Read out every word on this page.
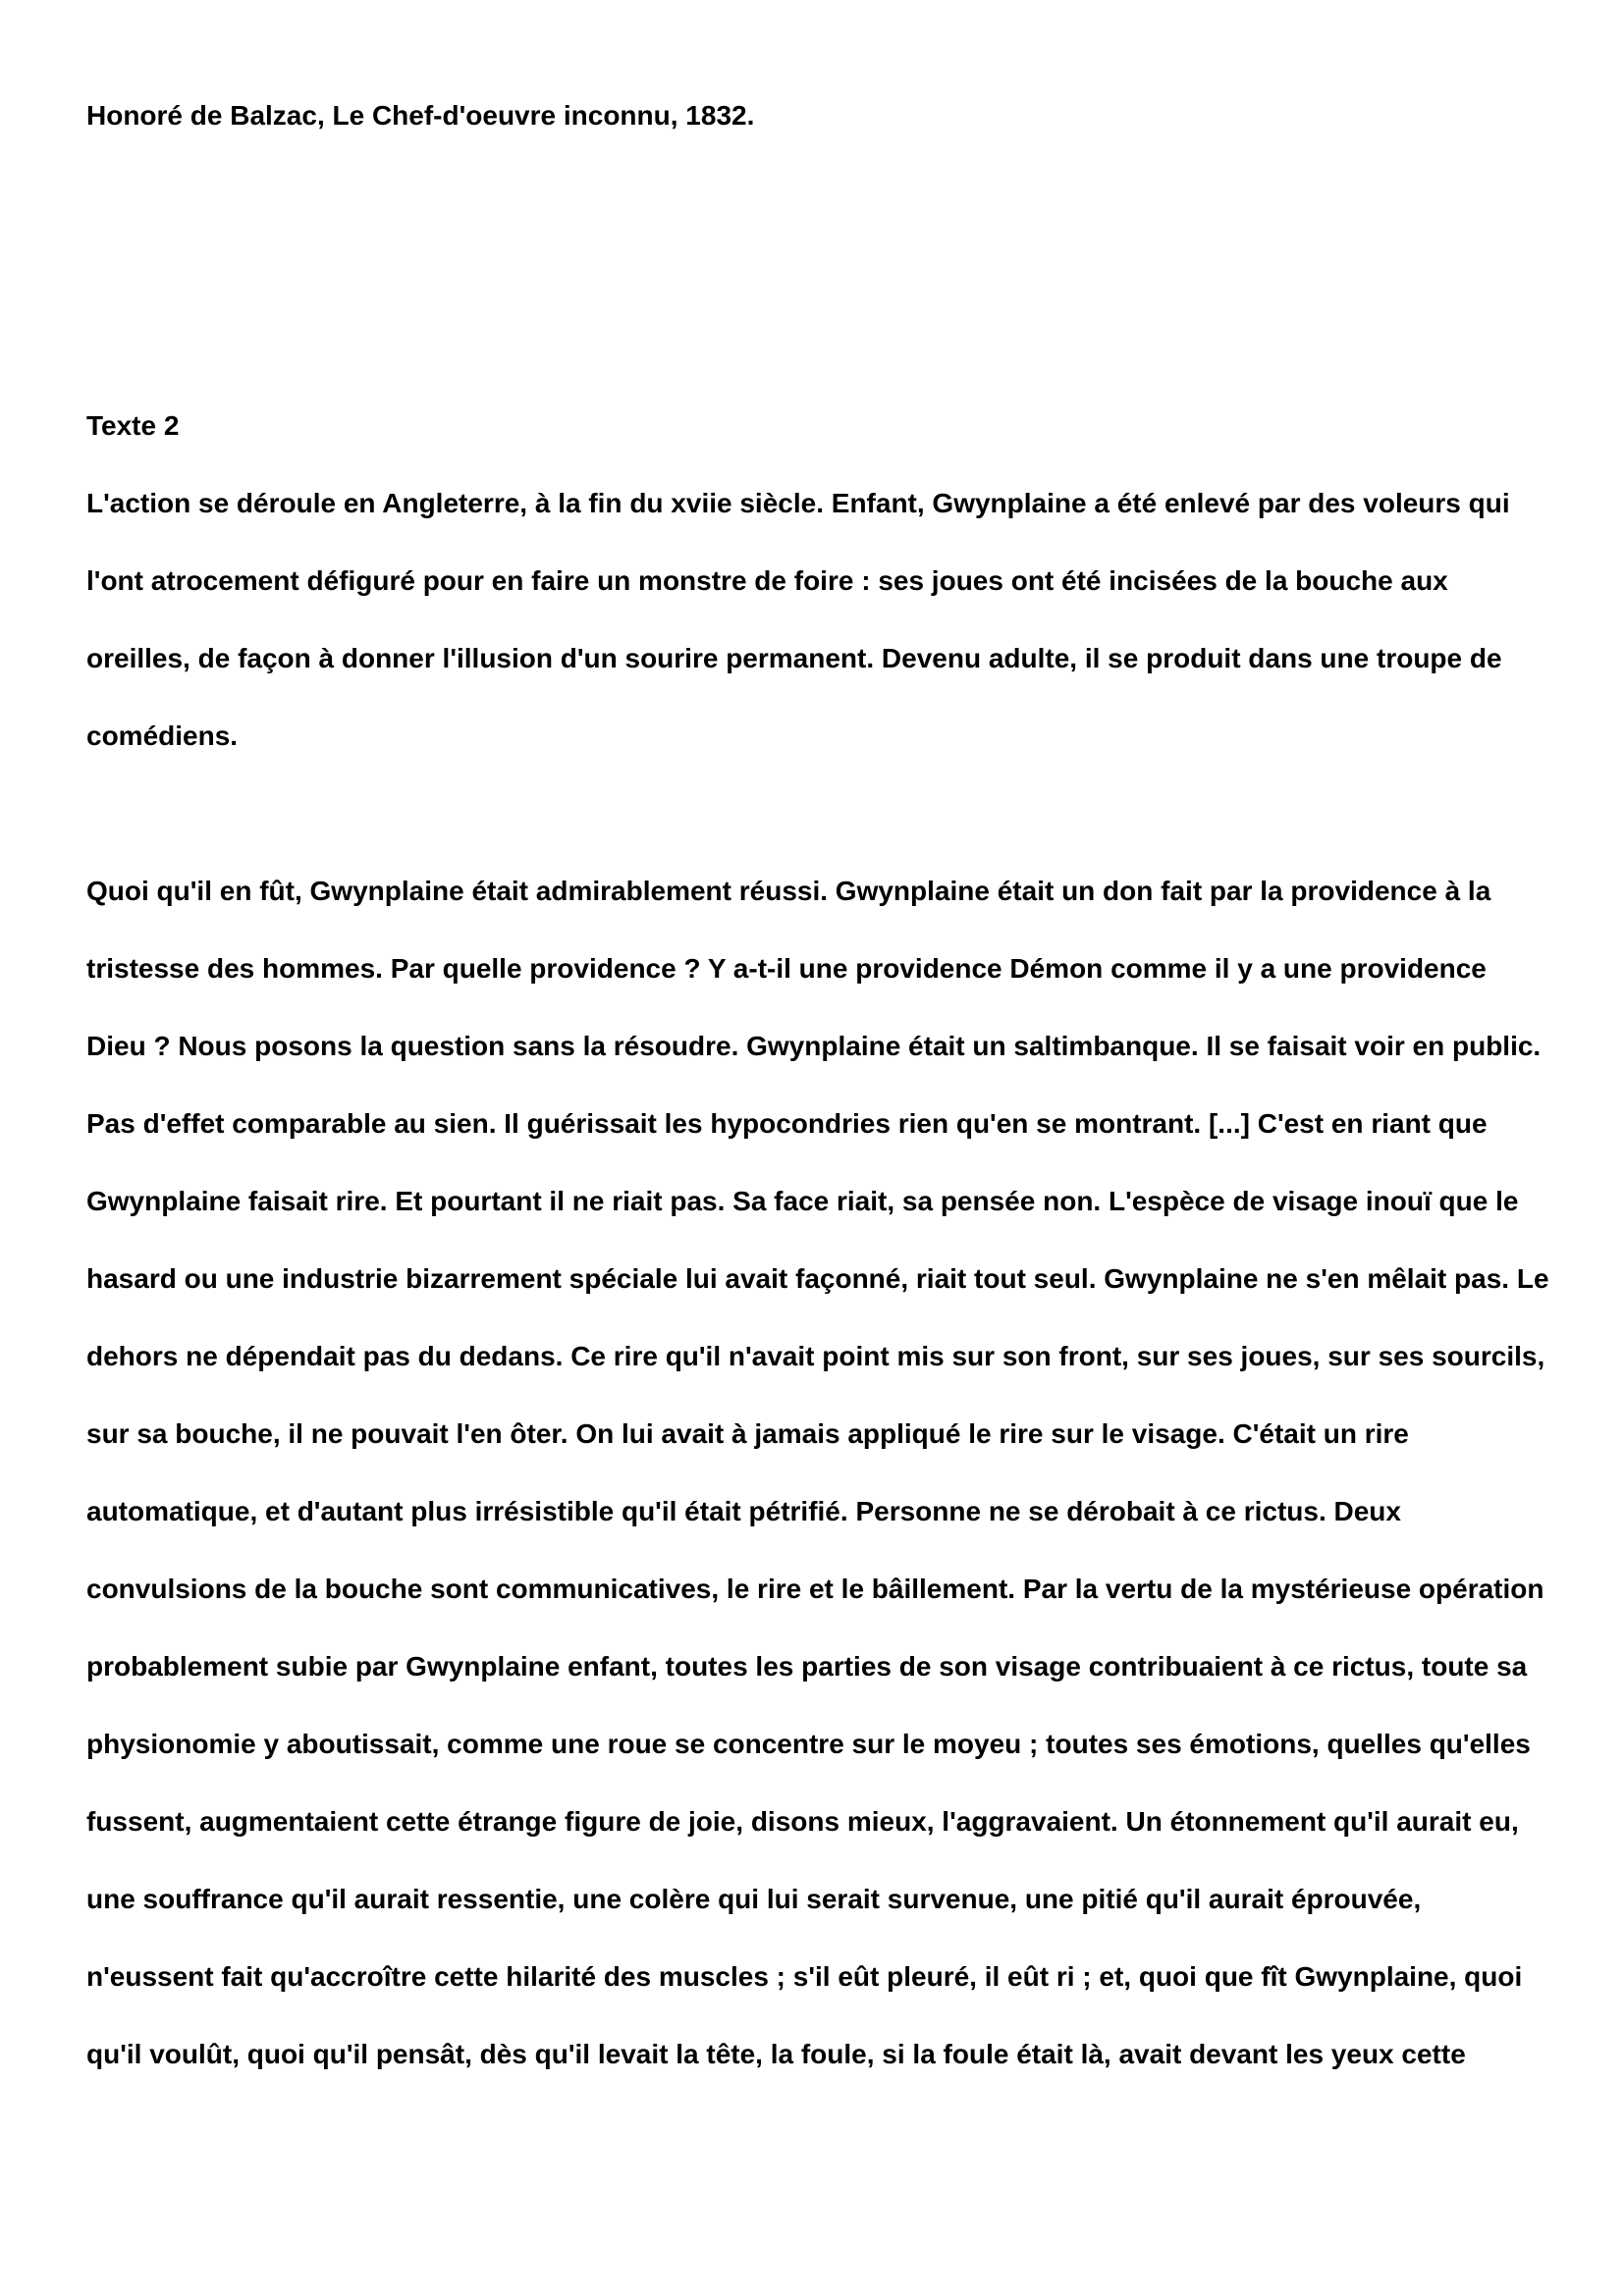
Honoré de Balzac, Le Chef-d'oeuvre inconnu, 1832.
Texte 2
L'action se déroule en Angleterre, à la fin du xviie siècle. Enfant, Gwynplaine a été enlevé par des voleurs qui
l'ont atrocement défiguré pour en faire un monstre de foire : ses joues ont été incisées de la bouche aux
oreilles, de façon à donner l'illusion d'un sourire permanent. Devenu adulte, il se produit dans une troupe de
comédiens.
Quoi qu'il en fût, Gwynplaine était admirablement réussi. Gwynplaine était un don fait par la providence à la
tristesse des hommes. Par quelle providence ? Y a-t-il une providence Démon comme il y a une providence
Dieu ? Nous posons la question sans la résoudre. Gwynplaine était un saltimbanque. Il se faisait voir en public.
Pas d'effet comparable au sien. Il guérissait les hypocondries rien qu'en se montrant. [...] C'est en riant que
Gwynplaine faisait rire. Et pourtant il ne riait pas. Sa face riait, sa pensée non. L'espèce de visage inouï que le
hasard ou une industrie bizarrement spéciale lui avait façonné, riait tout seul. Gwynplaine ne s'en mêlait pas. Le
dehors ne dépendait pas du dedans. Ce rire qu'il n'avait point mis sur son front, sur ses joues, sur ses sourcils,
sur sa bouche, il ne pouvait l'en ôter. On lui avait à jamais appliqué le rire sur le visage. C'était un rire
automatique, et d'autant plus irrésistible qu'il était pétrifié. Personne ne se dérobait à ce rictus. Deux
convulsions de la bouche sont communicatives, le rire et le bâillement. Par la vertu de la mystérieuse opération
probablement subie par Gwynplaine enfant, toutes les parties de son visage contribuaient à ce rictus, toute sa
physionomie y aboutissait, comme une roue se concentre sur le moyeu ; toutes ses émotions, quelles qu'elles
fussent, augmentaient cette étrange figure de joie, disons mieux, l'aggravaient. Un étonnement qu'il aurait eu,
une souffrance qu'il aurait ressentie, une colère qui lui serait survenue, une pitié qu'il aurait éprouvée,
n'eussent fait qu'accroître cette hilarité des muscles ; s'il eût pleuré, il eût ri ; et, quoi que fît Gwynplaine, quoi
qu'il voulût, quoi qu'il pensât, dès qu'il levait la tête, la foule, si la foule était là, avait devant les yeux cette
